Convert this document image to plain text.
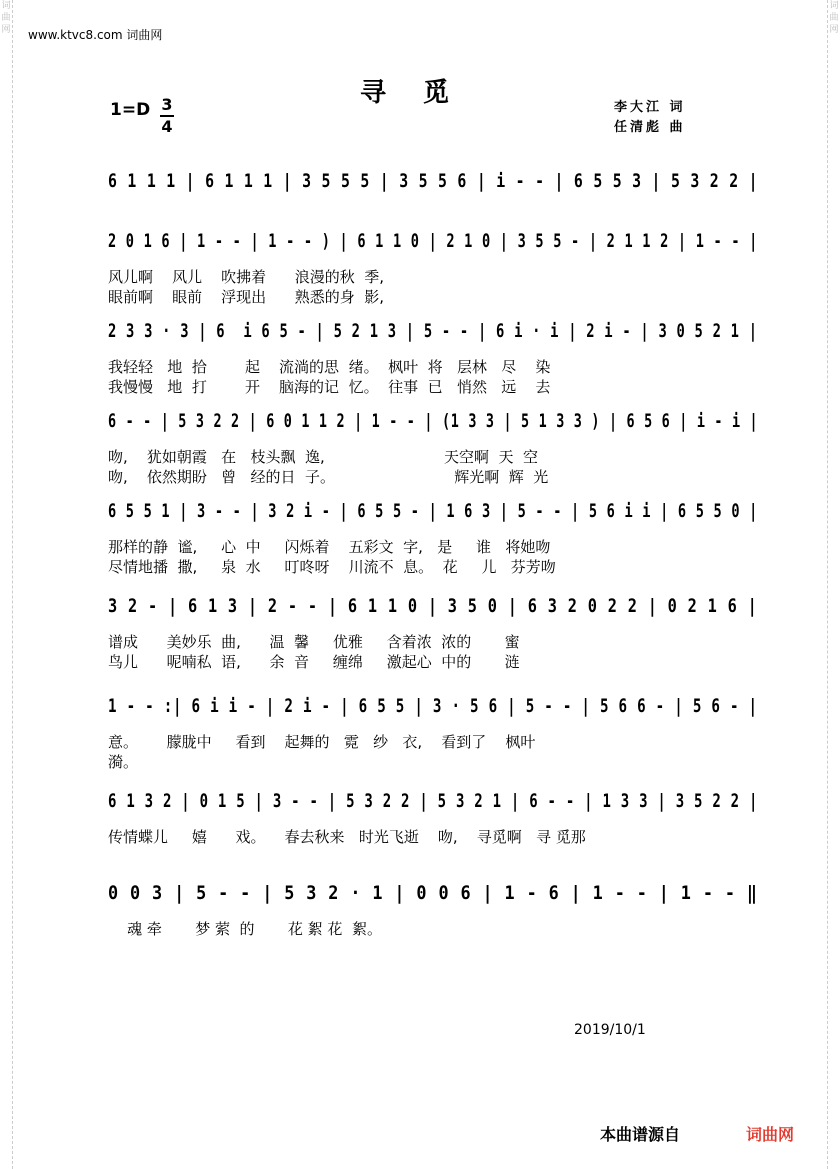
词曲网
词曲网
www.ktvc8.com 词曲网
寻 觅
1=D 3
4
李大江 词
任清彪 曲
6 1 1 1 | 6 1 1 1 | 3 5 5 5 | 3 5 5 6 | i - - | 6 5 5 3 | 5 3 2 2 |
2 0 1 6 | 1 - - | 1 - - ) | 6 1 1 0 | 2 1 0 | 3 5 5 - | 2 1 1 2 | 1 - - |
风儿啊    风儿    吹拂着      浪漫的秋  季,
眼前啊    眼前    浮现出      熟悉的身  影,
2 3 3 · 3 | 6  i 6 5 - | 5 2 1 3 | 5 - - | 6 i · i | 2 i - | 3 0 5 2 1 |
我轻轻   地  拾        起    流淌的思  绪。  枫叶  将   层林   尽    染
我慢慢   地  打        开    脑海的记  忆。  往事  已   悄然   远    去
6 - - | 5 3 2 2 | 6 0 1 1 2 | 1 - - | (1 3 3 | 5 1 3 3 ) | 6 5 6 | i - i |
吻,    犹如朝霞   在   枝头飘  逸,                         天空啊  天  空
吻,    依然期盼   曾   经的日  子。                         辉光啊  辉  光
6 5 5 1 | 3 - - | 3 2 i - | 6 5 5 - | 1 6 3 | 5 - - | 5 6 i i | 6 5 5 0 |
那样的静  谧,     心  中     闪烁着    五彩文  字,   是     谁   将她吻
尽情地播  撒,     泉  水     叮咚呀    川流不  息。  花     儿   芬芳吻
3 2 - | 6 1 3 | 2 - - | 6 1 1 0 | 3 5 0 | 6 3 2 0 2 2 | 0 2 1 6 |
谱成      美妙乐  曲,      温  馨     优雅     含着浓  浓的       蜜
鸟儿      呢喃私  语,      余  音     缠绵     激起心  中的       涟
1 - - :| 6 i i - | 2 i - | 6 5 5 | 3 · 5 6 | 5 - - | 5 6 6 - | 5 6 - |
意。      朦胧中     看到    起舞的   霓   纱   衣,    看到了    枫叶
漪。
6 1 3 2 | 0 1 5 | 3 - - | 5 3 2 2 | 5 3 2 1 | 6 - - | 1 3 3 | 3 5 2 2 |
传情蝶儿     嬉      戏。    春去秋来   时光飞逝    吻,    寻觅啊   寻 觅那
0 0 3 | 5 - - | 5 3 2 · 1 | 0 0 6 | 1 - 6 | 1 - - | 1 - - ‖
魂 牵       梦 萦  的       花 絮 花  絮。
2019/10/1
本曲谱源自	词曲网
